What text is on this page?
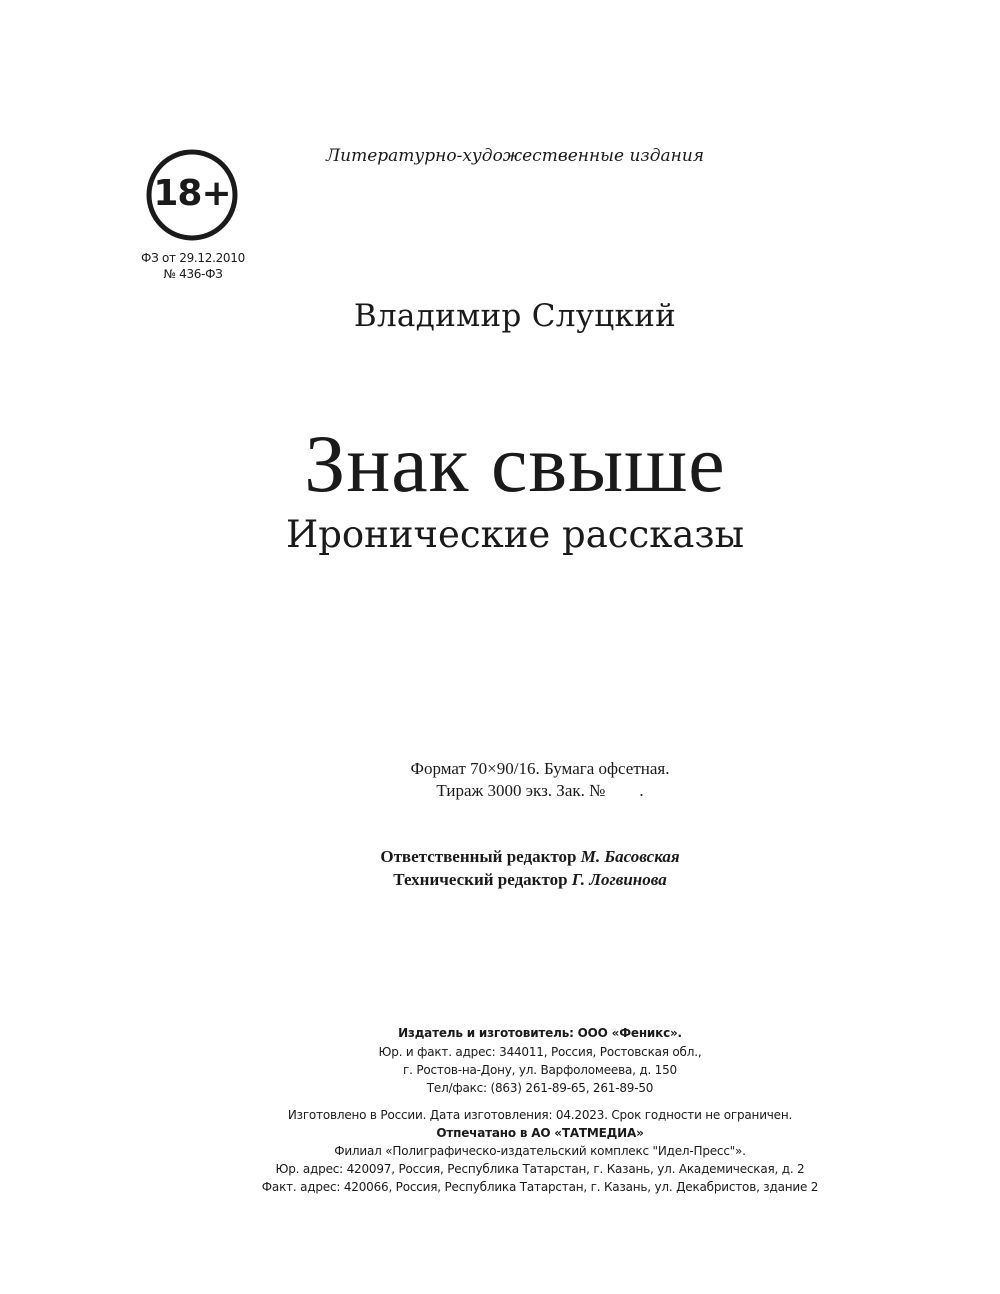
18+
ФЗ от 29.12.2010
№ 436-ФЗ
Литературно-художественные издания
Владимир Слуцкий
Знак свыше
Иронические рассказы
Формат 70×90/16. Бумага офсетная.
Тираж 3000 экз. Зак. №        .
Ответственный редактор М. Басовская
Технический редактор Г. Логвинова
Издатель и изготовитель: ООО «Феникс».
Юр. и факт. адрес: 344011, Россия, Ростовская обл.,
г. Ростов-на-Дону, ул. Варфоломеева, д. 150
Тел/факс: (863) 261-89-65, 261-89-50
Изготовлено в России. Дата изготовления: 04.2023. Срок годности не ограничен.
Отпечатано в АО «ТАТМЕДИА»
Филиал «Полиграфическо-издательский комплекс "Идел-Пресс"».
Юр. адрес: 420097, Россия, Республика Татарстан, г. Казань, ул. Академическая, д. 2
Факт. адрес: 420066, Россия, Республика Татарстан, г. Казань, ул. Декабристов, здание 2
